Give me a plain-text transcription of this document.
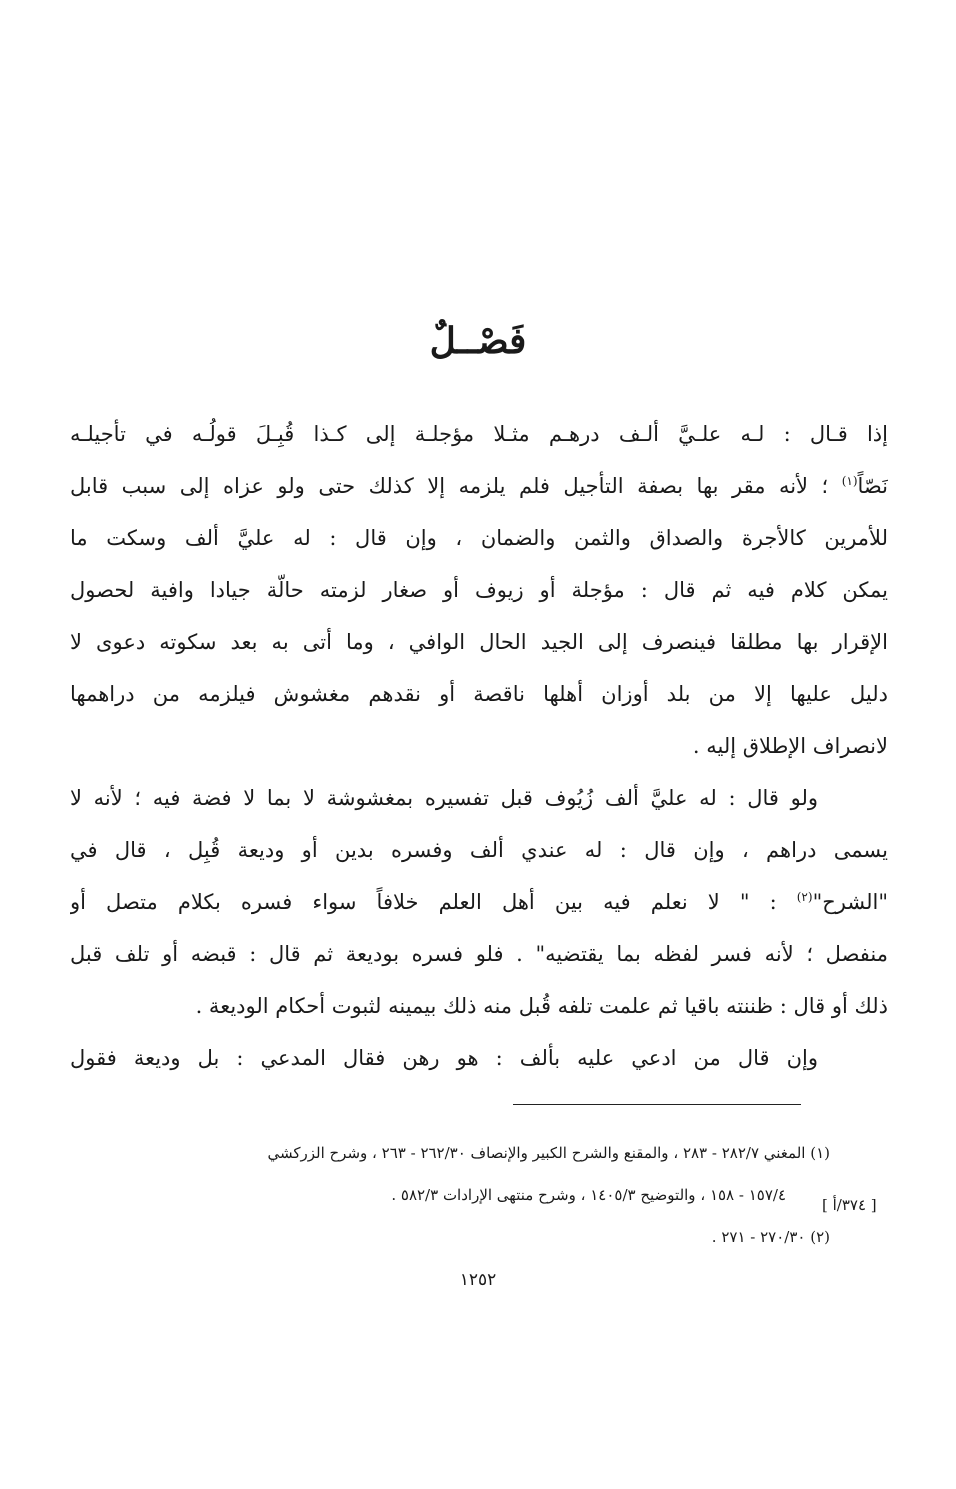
فَصْــلٌ

إذا قـال : لـه علـيَّ ألـف درهـم مثـلا مؤجلـة إلى كـذا قُبِـلَ قولُـه في تأجيلـه
نَصّاً$^{(١)}$ ؛ لأنه مقر بها بصفة التأجيل فلم يلزمه إلا كذلك حتى ولو عزاه إلى سبب قابل
للأمرين كالأجرة والصداق والثمن والضمان ، وإن قال : له عليَّ ألف وسكت ما
يمكن كلام فيه ثم قال : مؤجلة أو زيوف أو صغار لزمته حالّة جيادا وافية لحصول
الإقرار بها مطلقا فينصرف إلى الجيد الحال الوافي ، وما أتى به بعد سكوته دعوى لا
دليل عليها إلا من بلد أوزان أهلها ناقصة أو نقدهم مغشوش فيلزمه من دراهمها
لانصراف الإطلاق إليه .

ولو قال : له عليَّ ألف زُيُوف قبل تفسيره بمغشوشة لا بما لا فضة فيه ؛ لأنه لا
يسمى دراهم ، وإن قال : له عندي ألف وفسره بدين أو وديعة قُبِل ، قال في
"الشرح"$^{(٢)}$ : " لا نعلم فيه بين أهل العلم خلافاً سواء فسره بكلام متصل أو
منفصل ؛ لأنه فسر لفظه بما يقتضيه" . فلو فسره بوديعة ثم قال : قبضه أو تلف قبل
ذلك أو قال : ظننته باقيا ثم علمت تلفه قُبل منه ذلك بيمينه لثبوت أحكام الوديعة .

وإن قال من ادعي عليه بألف : هو رهن فقال المدعي : بل وديعة فقول

(١) المغني ٢٨٢/٧ - ٢٨٣ ، والمقنع والشرح الكبير والإنصاف ٢٦٢/٣٠ - ٢٦٣ ، وشرح الزركشي
١٥٧/٤ - ١٥٨ ، والتوضيح ١٤٠٥/٣ ، وشرح منتهى الإرادات ٥٨٢/٣ .
(٢) ٢٧٠/٣٠ - ٢٧١ .
[ ٣٧٤/أ ]
١٢٥٢
